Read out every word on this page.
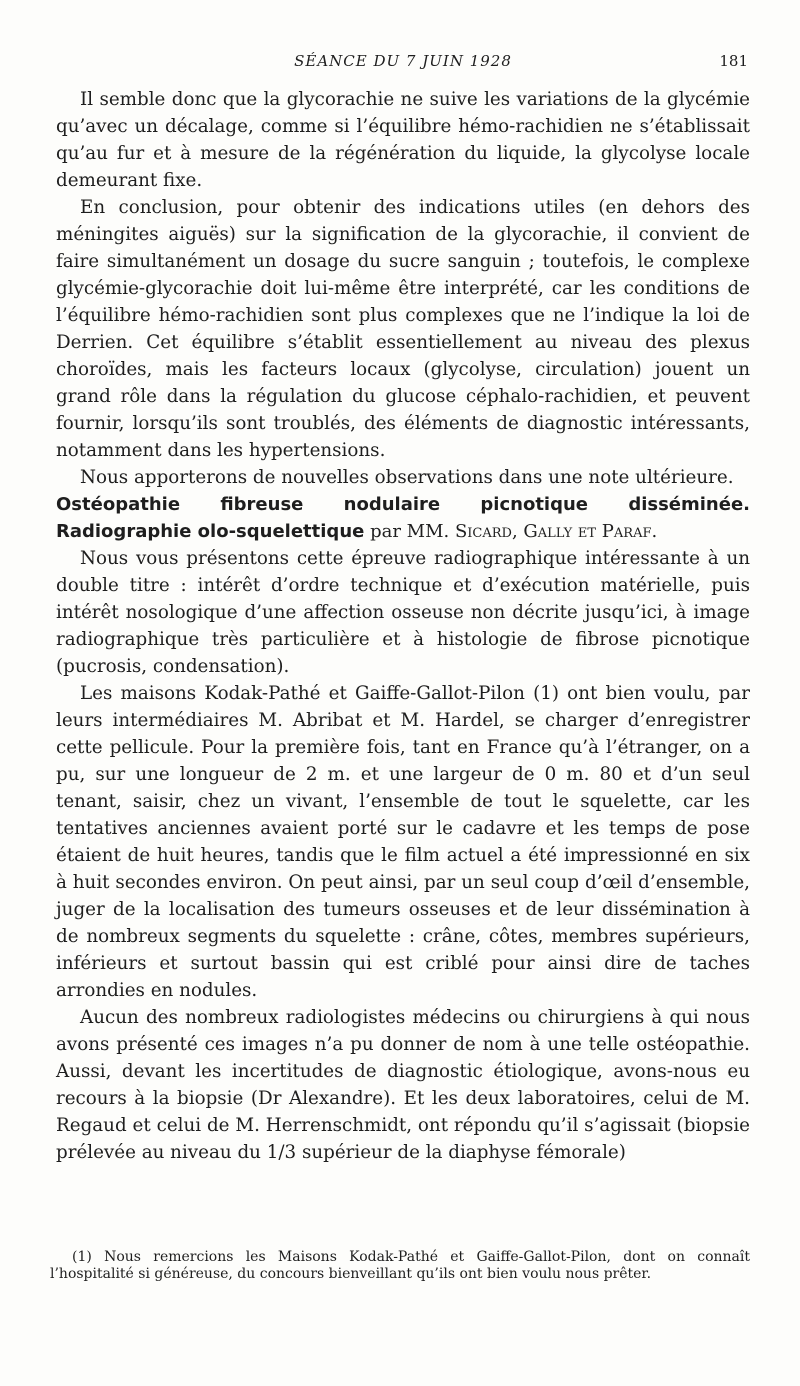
SÉANCE DU 7 JUIN 1928	181

Il semble donc que la glycorachie ne suive les variations de la glycémie qu’avec un décalage, comme si l’équilibre hémo-rachidien ne s’établissait qu’au fur et à mesure de la régénération du liquide, la glycolyse locale demeurant fixe.

En conclusion, pour obtenir des indications utiles (en dehors des méningites aiguës) sur la signification de la glycorachie, il convient de faire simultanément un dosage du sucre sanguin ; toutefois, le complexe glycémie-glycorachie doit lui-même être interprété, car les conditions de l’équilibre hémo-rachidien sont plus complexes que ne l’indique la loi de Derrien. Cet équilibre s’établit essentiellement au niveau des plexus choroïdes, mais les facteurs locaux (glycolyse, circulation) jouent un grand rôle dans la régulation du glucose céphalo-rachidien, et peuvent fournir, lorsqu’ils sont troublés, des éléments de diagnostic intéressants, notamment dans les hypertensions.

Nous apporterons de nouvelles observations dans une note ultérieure.

Ostéopathie fibreuse nodulaire picnotique disséminée. Radiographie olo-squelettique par MM. Sicard, Gally et Paraf.

Nous vous présentons cette épreuve radiographique intéressante à un double titre : intérêt d’ordre technique et d’exécution matérielle, puis intérêt nosologique d’une affection osseuse non décrite jusqu’ici, à image radiographique très particulière et à histologie de fibrose picnotique (pucrosis, condensation).

Les maisons Kodak-Pathé et Gaiffe-Gallot-Pilon (1) ont bien voulu, par leurs intermédiaires M. Abribat et M. Hardel, se charger d’enregistrer cette pellicule. Pour la première fois, tant en France qu’à l’étranger, on a pu, sur une longueur de 2 m. et une largeur de 0 m. 80 et d’un seul tenant, saisir, chez un vivant, l’ensemble de tout le squelette, car les tentatives anciennes avaient porté sur le cadavre et les temps de pose étaient de huit heures, tandis que le film actuel a été impressionné en six à huit secondes environ. On peut ainsi, par un seul coup d’œil d’ensemble, juger de la localisation des tumeurs osseuses et de leur dissémination à de nombreux segments du squelette : crâne, côtes, membres supérieurs, inférieurs et surtout bassin qui est criblé pour ainsi dire de taches arrondies en nodules.

Aucun des nombreux radiologistes médecins ou chirurgiens à qui nous avons présenté ces images n’a pu donner de nom à une telle ostéopathie. Aussi, devant les incertitudes de diagnostic étiologique, avons-nous eu recours à la biopsie (Dr Alexandre). Et les deux laboratoires, celui de M. Regaud et celui de M. Herrenschmidt, ont répondu qu’il s’agissait (biopsie prélevée au niveau du 1/3 supérieur de la diaphyse fémorale)

(1) Nous remercions les Maisons Kodak-Pathé et Gaiffe-Gallot-Pilon, dont on connaît l’hospitalité si généreuse, du concours bienveillant qu’ils ont bien voulu nous prêter.
